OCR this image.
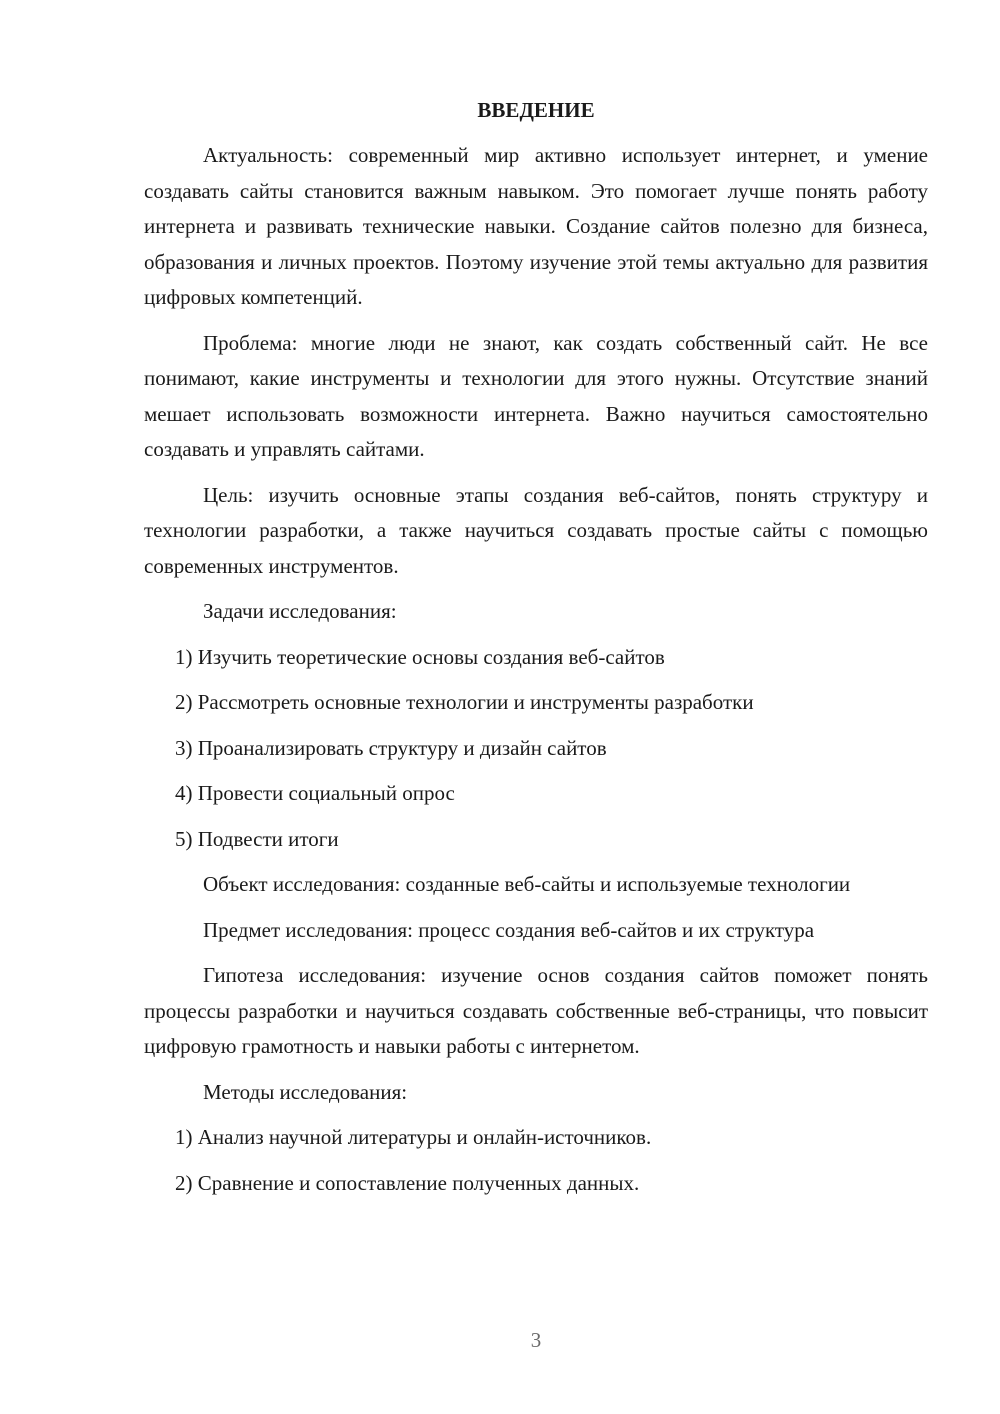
ВВЕДЕНИЕ

Актуальность: современный мир активно использует интернет, и умение создавать сайты становится важным навыком. Это помогает лучше понять работу интернета и развивать технические навыки. Создание сайтов полезно для бизнеса, образования и личных проектов. Поэтому изучение этой темы актуально для развития цифровых компетенций.

Проблема: многие люди не знают, как создать собственный сайт. Не все понимают, какие инструменты и технологии для этого нужны. Отсутствие знаний мешает использовать возможности интернета. Важно научиться самостоятельно создавать и управлять сайтами.

Цель: изучить основные этапы создания веб-сайтов, понять структуру и технологии разработки, а также научиться создавать простые сайты с помощью современных инструментов.

Задачи исследования:
1) Изучить теоретические основы создания веб-сайтов
2) Рассмотреть основные технологии и инструменты разработки
3) Проанализировать структуру и дизайн сайтов
4) Провести социальный опрос
5) Подвести итоги

Объект исследования: созданные веб-сайты и используемые технологии

Предмет исследования: процесс создания веб-сайтов и их структура

Гипотеза исследования: изучение основ создания сайтов поможет понять процессы разработки и научиться создавать собственные веб-страницы, что повысит цифровую грамотность и навыки работы с интернетом.

Методы исследования:
1) Анализ научной литературы и онлайн-источников.
2) Сравнение и сопоставление полученных данных.
3
